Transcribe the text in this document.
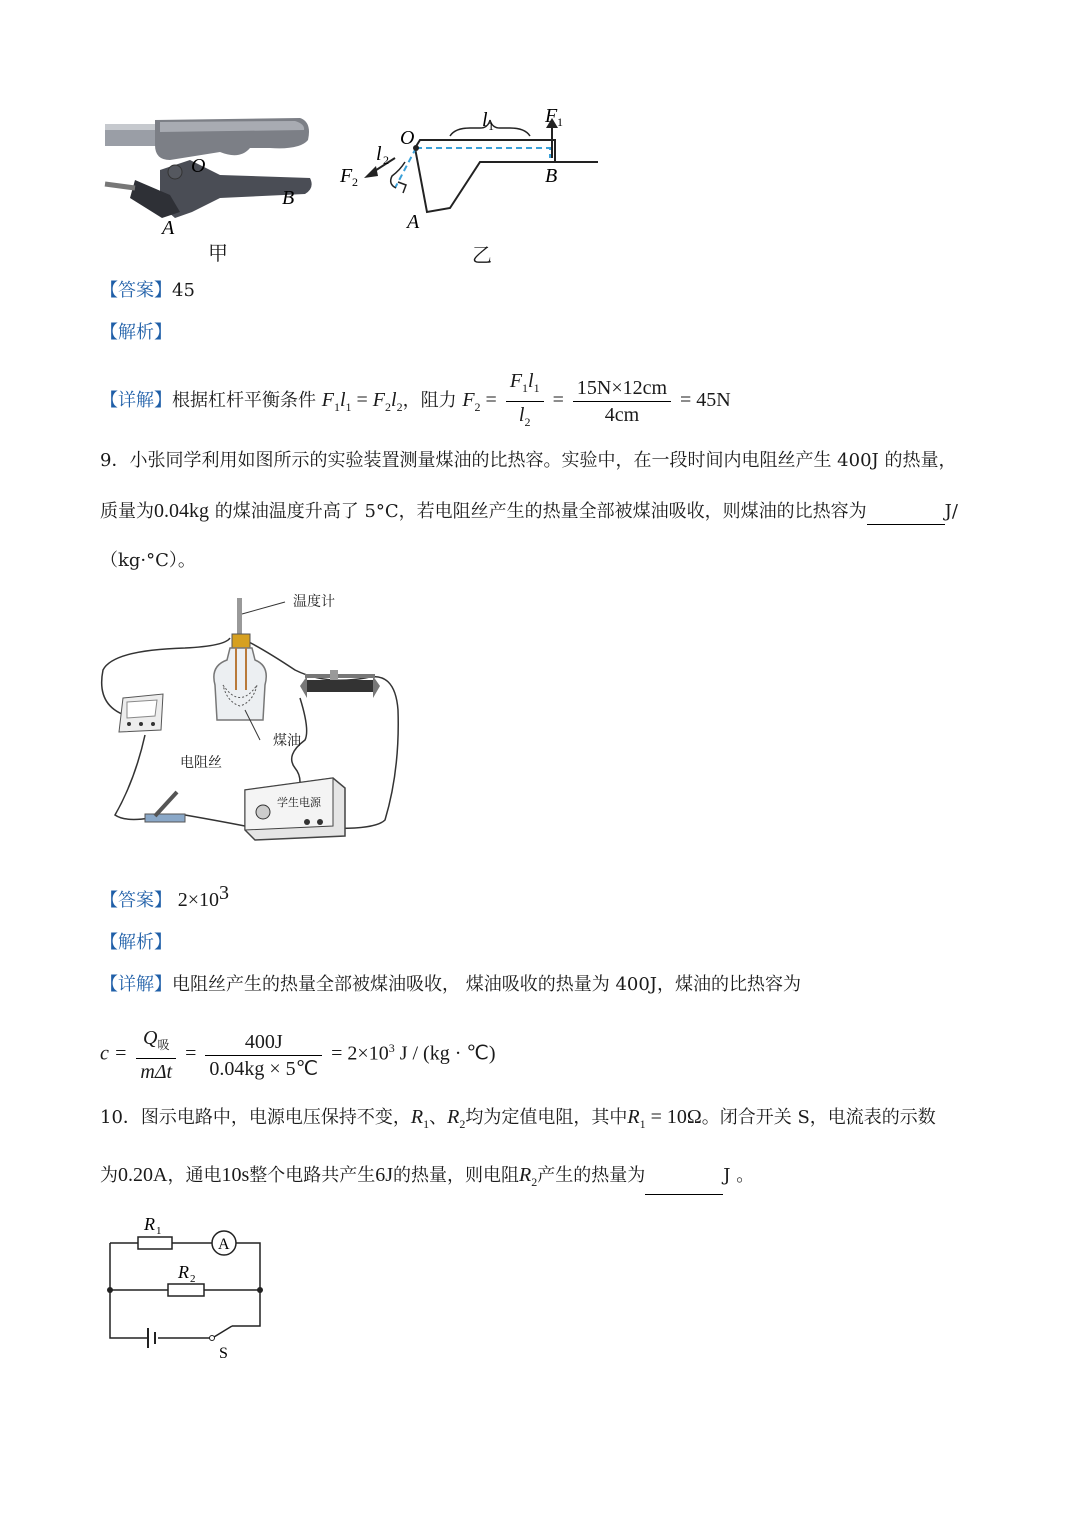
O
B
A
O
A
B
l 1
l 2
F 1
F 2
甲	乙
【答案】45
【解析】
【详解】根据杠杆平衡条件 $F_1l_1 = F_2l_2$，阻力 $F_2 = \frac{F_1l_1}{l_2} = \frac{15N\times 12cm}{4cm} = 45N$
9．小张同学利用如图所示的实验装置测量煤油的比热容。实验中，在一段时间内电阻丝产生 400J 的热量，
质量为0.04kg 的煤油温度升高了 5°C，若电阻丝产生的热量全部被煤油吸收，则煤油的比热容为	J/
（kg·°C）。
温度计
煤油
电阻丝
学生电源
【答案】 $2\times 10^3$
【解析】
【详解】电阻丝产生的热量全部被煤油吸收， 煤油吸收的热量为 400J，煤油的比热容为
$c = \frac{Q_吸}{\text{mΔt}} = \frac{400J}{0.04kg \times 5℃} = 2\times 10^3$ J / (kg · ℃)
10．图示电路中，电源电压保持不变，$R_1$、$R_2$均为定值电阻，其中$R_1 = 10\Omega$。闭合开关 S，电流表的示数
为0.20A，通电10s整个电路共产生6J的热量，则电阻$R_2$产生的热量为	J 。
R 1
R 2
A
S
